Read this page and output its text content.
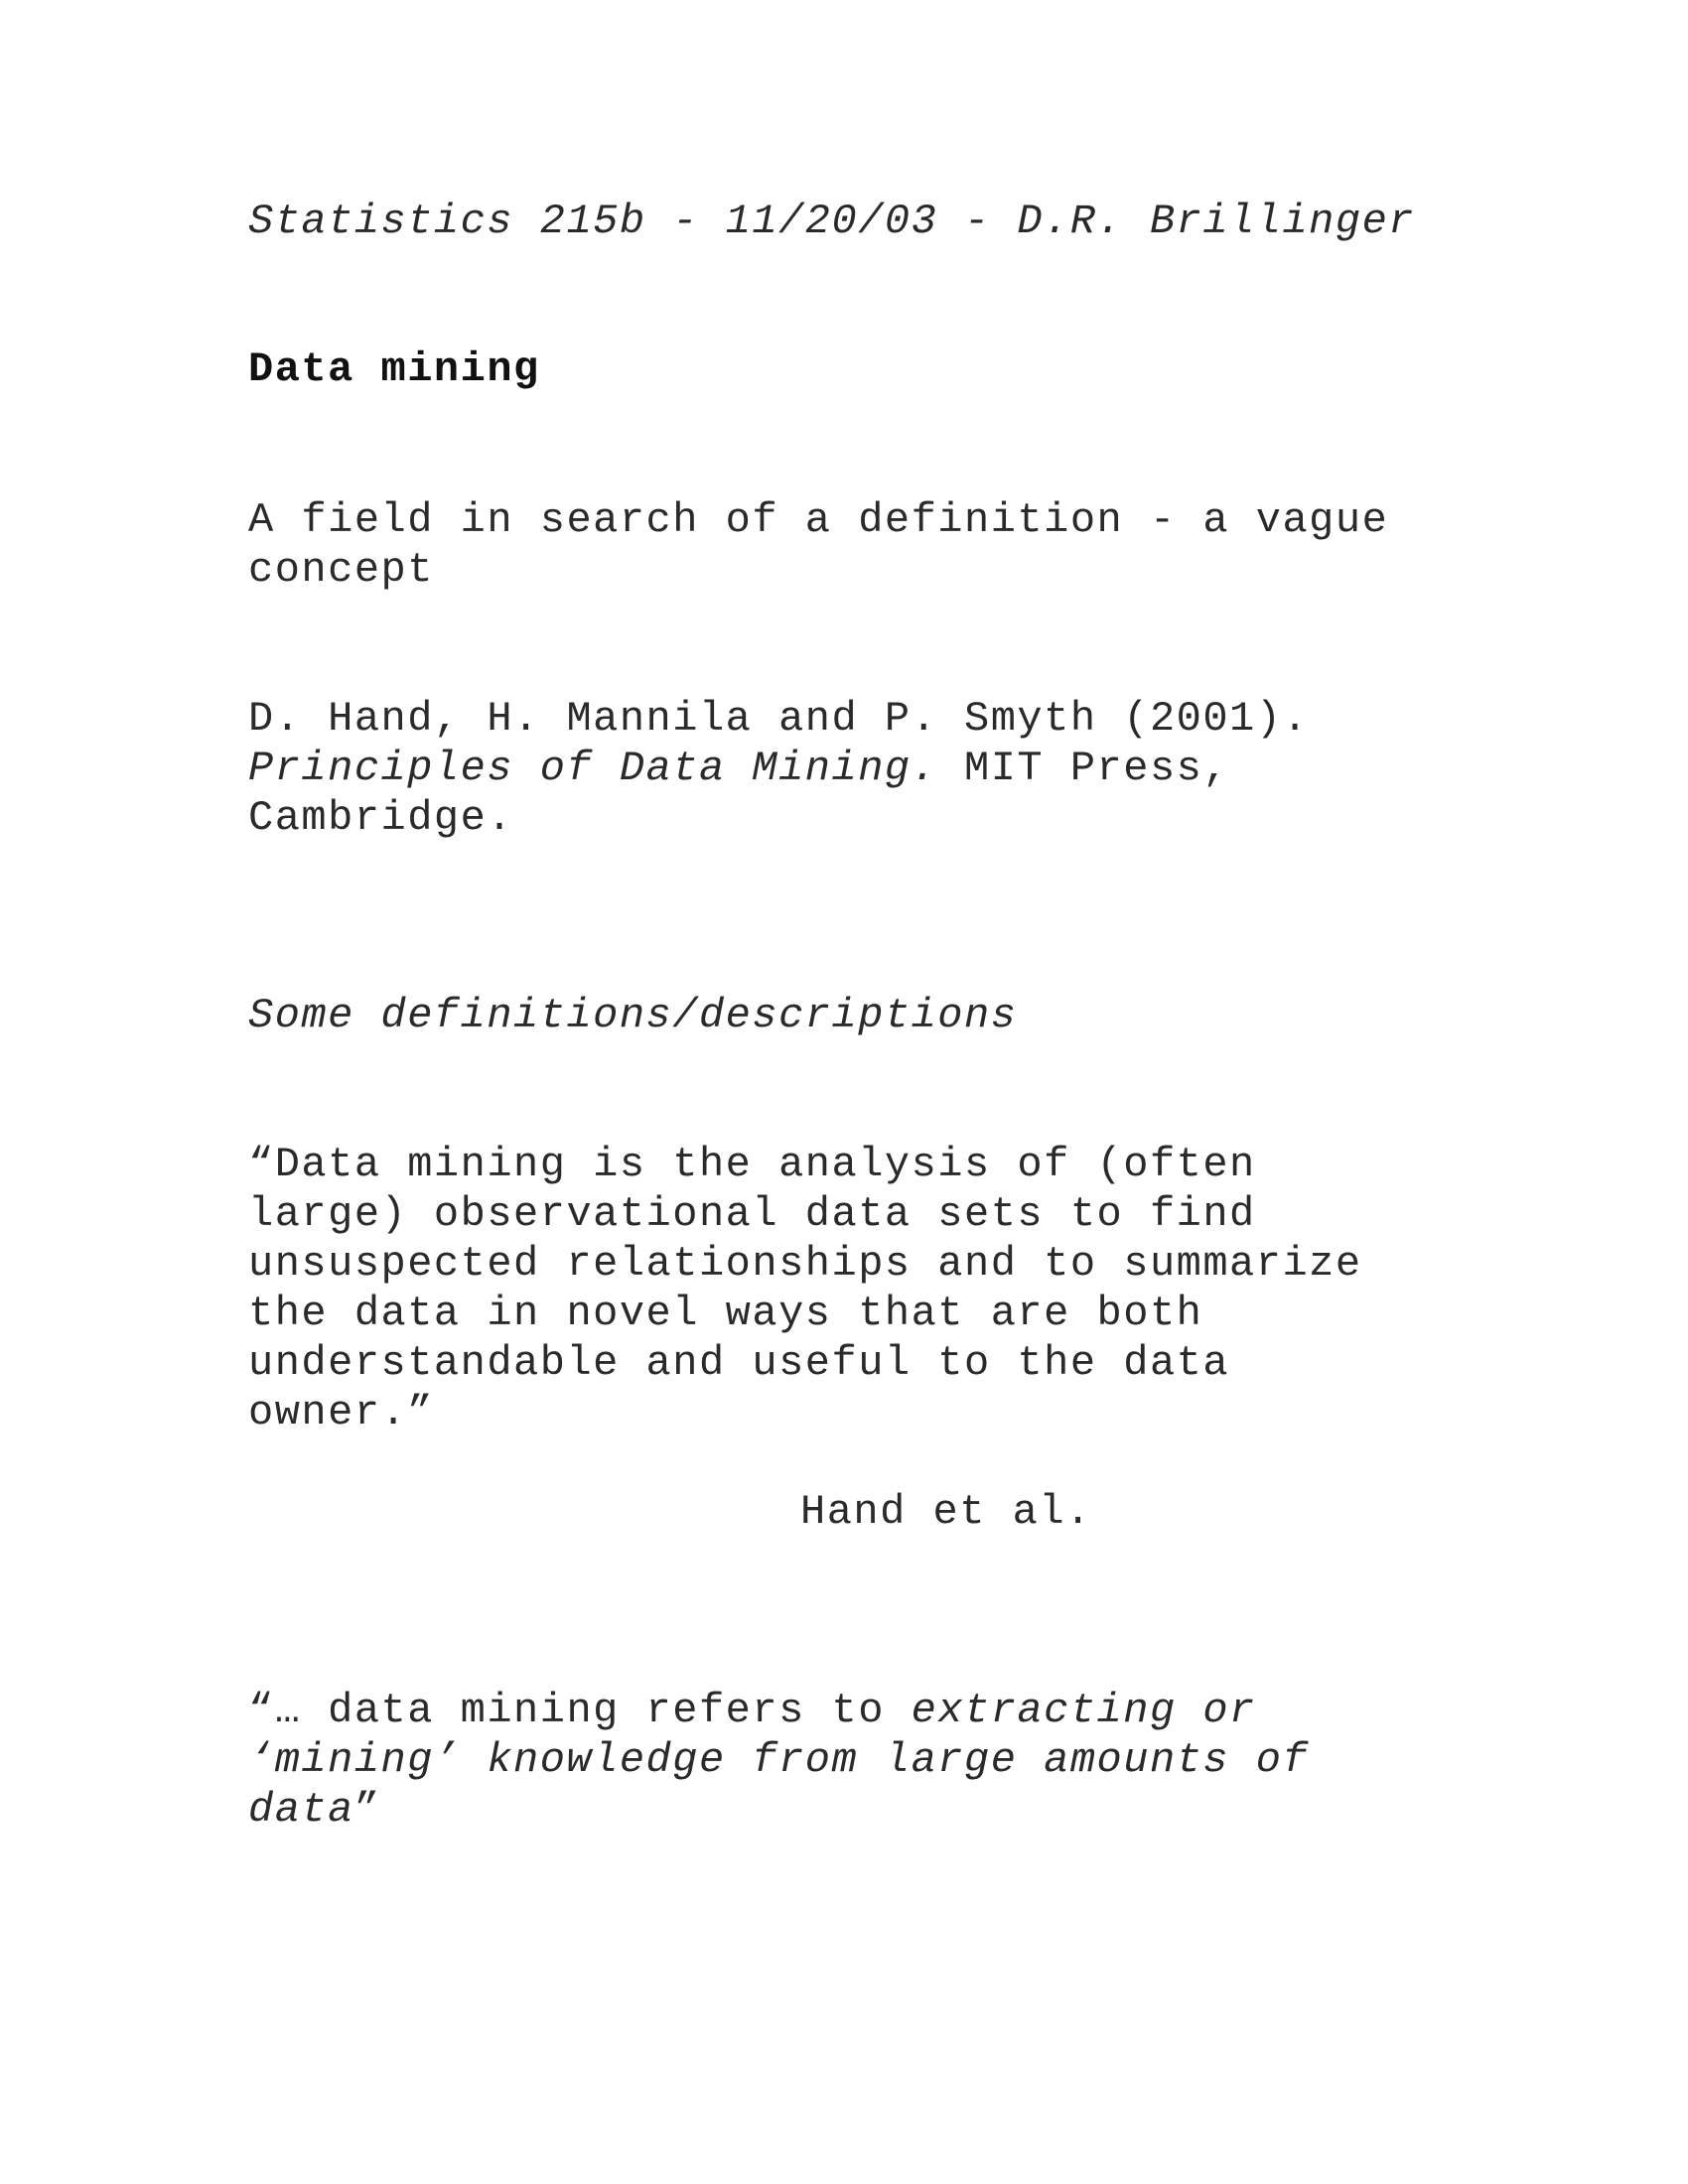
Statistics 215b - 11/20/03 - D.R. Brillinger

Data mining

A field in search of a definition - a vague

concept

D. Hand, H. Mannila and P. Smyth (2001).

Principles of Data Mining. MIT Press,

Cambridge.

Some definitions/descriptions

“Data mining is the analysis of (often

large) observational data sets to find

unsuspected relationships and to summarize

the data in novel ways that are both

understandable and useful to the data

owner.”

Hand et al.

“… data mining refers to extracting or

‘mining’ knowledge from large amounts of

data”
